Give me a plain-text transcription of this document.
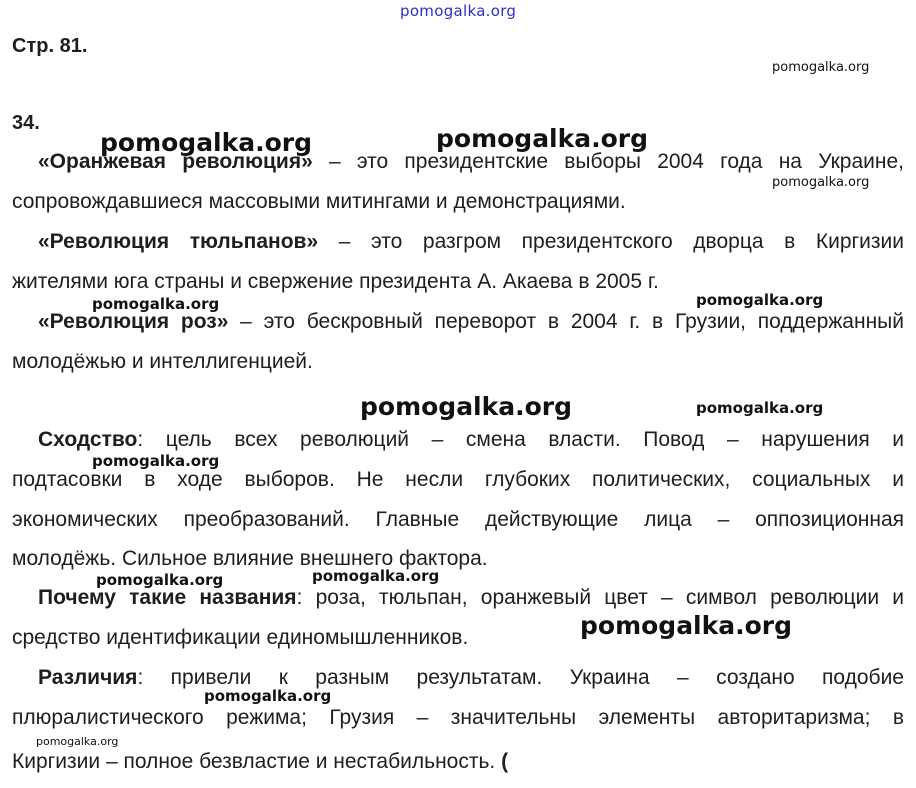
pomogalka.org
Стр. 81.
34.
«Оранжевая революция» – это президентские выборы 2004 года на Украине,
сопровождавшиеся массовыми митингами и демонстрациями.
«Революция тюльпанов» – это разгром президентского дворца в Киргизии
жителями юга страны и свержение президента А. Акаева в 2005 г.
«Революция роз» – это бескровный переворот в 2004 г. в Грузии, поддержанный
молодёжью и интеллигенцией.
Сходство: цель всех революций – смена власти. Повод – нарушения и
подтасовки в ходе выборов. Не несли глубоких политических, социальных и
экономических преобразований. Главные действующие лица – оппозиционная
молодёжь. Сильное влияние внешнего фактора.
Почему такие названия: роза, тюльпан, оранжевый цвет – символ революции и
средство идентификации единомышленников.
Различия: привели к разным результатам. Украина – создано подобие
плюралистического режима; Грузия – значительны элементы авторитаризма; в
Киргизии – полное безвластие и нестабильность. (
pomogalka.org
pomogalka.org	pomogalka.org
pomogalka.org
pomogalka.org	pomogalka.org
pomogalka.org	pomogalka.org
pomogalka.org
pomogalka.org	pomogalka.org
pomogalka.org
pomogalka.org
pomogalka.org
